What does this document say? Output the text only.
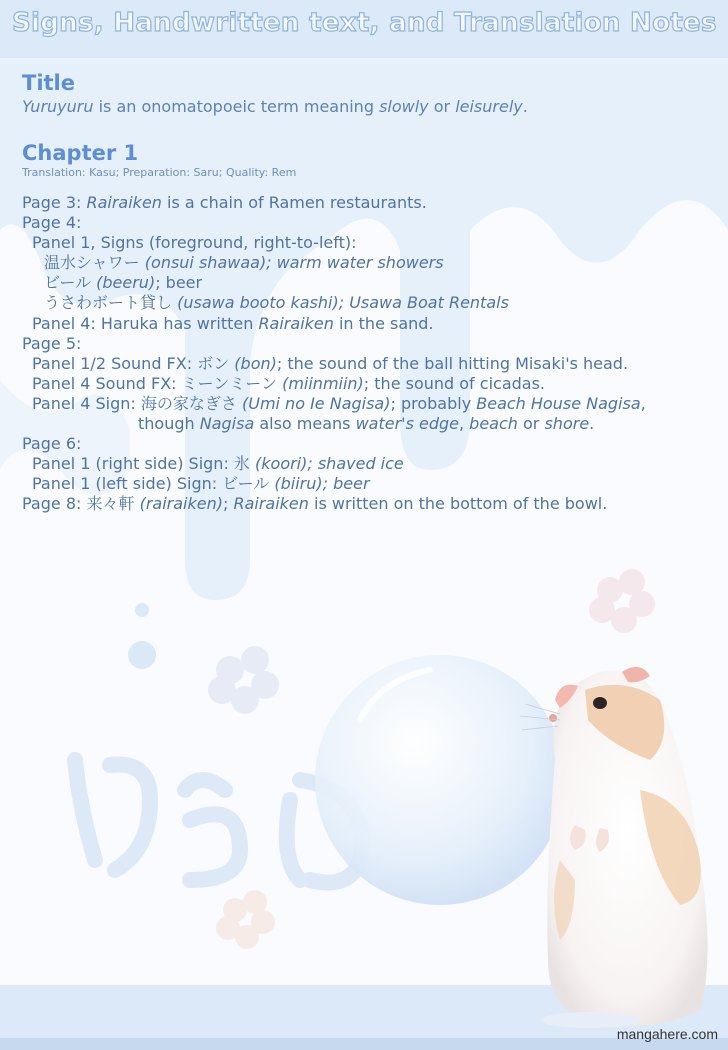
Signs, Handwritten text, and Translation Notes
Title
Yuruyuru is an onomatopoeic term meaning slowly or leisurely.
Chapter 1
Translation: Kasu; Preparation: Saru; Quality: Rem
Page 3: Rairaiken is a chain of Ramen restaurants.
Page 4:
Panel 1, Signs (foreground, right-to-left):
温水シャワー (onsui shawaa); warm water showers
ビール (beeru); beer
うさわボート貸し (usawa booto kashi); Usawa Boat Rentals
Panel 4: Haruka has written Rairaiken in the sand.
Page 5:
Panel 1/2 Sound FX: ボン (bon); the sound of the ball hitting Misaki's head.
Panel 4 Sound FX: ミーンミーン (miinmiin); the sound of cicadas.
Panel 4 Sign: 海の家なぎさ (Umi no Ie Nagisa); probably Beach House Nagisa,
though Nagisa also means water's edge, beach or shore.
Page 6:
Panel 1 (right side) Sign: 氷 (koori); shaved ice
Panel 1 (left side) Sign: ビール (biiru); beer
Page 8: 来々軒 (rairaiken); Rairaiken is written on the bottom of the bowl.
mangahere.com
